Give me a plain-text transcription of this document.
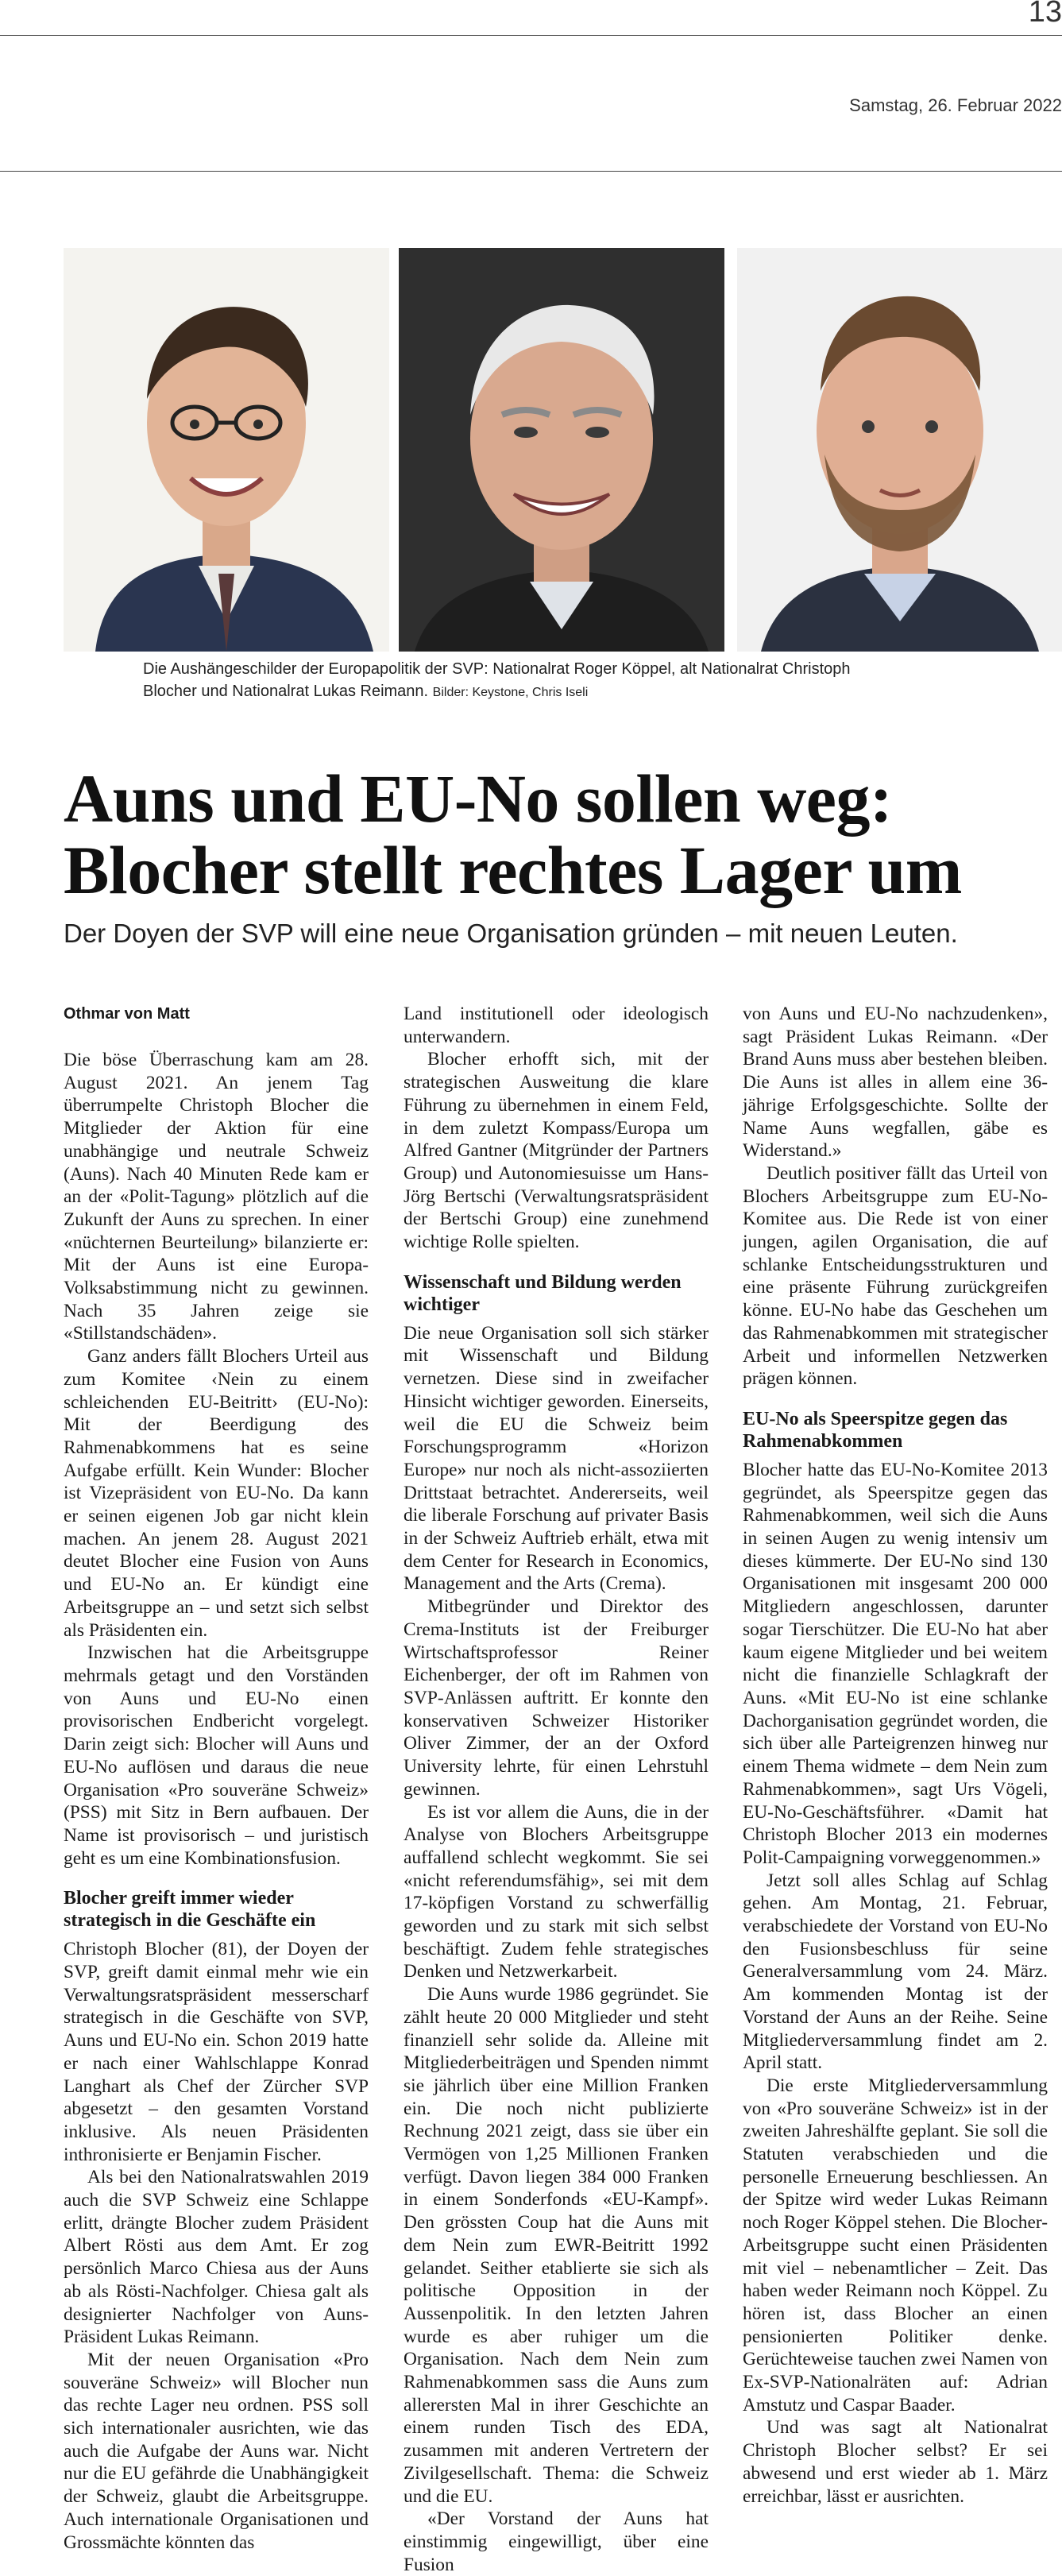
13
Samstag, 26. Februar 2022
Die Aushängeschilder der Europapolitik der SVP: Nationalrat Roger Köppel, alt Nationalrat Christoph Blocher und Nationalrat Lukas Reimann. Bilder: Keystone, Chris Iseli
Auns und EU-No sollen weg:
Blocher stellt rechtes Lager um

Der Doyen der SVP will eine neue Organisation gründen – mit neuen Leuten.

Othmar von Matt

Die böse Überraschung kam am 28. August 2021. An jenem Tag überrumpelte Christoph Blocher die Mitglieder der Aktion für eine unabhängige und neutrale Schweiz (Auns). Nach 40 Minuten Rede kam er an der «Polit-Tagung» plötzlich auf die Zukunft der Auns zu sprechen. In einer «nüchternen Beurteilung» bilanzierte er: Mit der Auns ist eine Europa-Volksabstimmung nicht zu gewinnen. Nach 35 Jahren zeige sie «Stillstandschäden».

Ganz anders fällt Blochers Urteil aus zum Komitee ‹Nein zu einem schleichenden EU-Beitritt› (EU-No): Mit der Beerdigung des Rahmenabkommens hat es seine Aufgabe erfüllt. Kein Wunder: Blocher ist Vizepräsident von EU-No. Da kann er seinen eigenen Job gar nicht klein machen. An jenem 28. August 2021 deutet Blocher eine Fusion von Auns und EU-No an. Er kündigt eine Arbeitsgruppe an – und setzt sich selbst als Präsidenten ein.

Inzwischen hat die Arbeitsgruppe mehrmals getagt und den Vorständen von Auns und EU-No einen provisorischen Endbericht vorgelegt. Darin zeigt sich: Blocher will Auns und EU-No auflösen und daraus die neue Organisation «Pro souveräne Schweiz» (PSS) mit Sitz in Bern aufbauen. Der Name ist provisorisch – und juristisch geht es um eine Kombinationsfusion.

Blocher greift immer wieder strategisch in die Geschäfte ein

Christoph Blocher (81), der Doyen der SVP, greift damit einmal mehr wie ein Verwaltungsratspräsident messerscharf strategisch in die Geschäfte von SVP, Auns und EU-No ein. Schon 2019 hatte er nach einer Wahlschlappe Konrad Langhart als Chef der Zürcher SVP abgesetzt – den gesamten Vorstand inklusive. Als neuen Präsidenten inthronisierte er Benjamin Fischer.

Als bei den Nationalratswahlen 2019 auch die SVP Schweiz eine Schlappe erlitt, drängte Blocher zudem Präsident Albert Rösti aus dem Amt. Er zog persönlich Marco Chiesa aus der Auns ab als Rösti-Nachfolger. Chiesa galt als designierter Nachfolger von Auns-Präsident Lukas Reimann.

Mit der neuen Organisation «Pro souveräne Schweiz» will Blocher nun das rechte Lager neu ordnen. PSS soll sich internationaler ausrichten, wie das auch die Aufgabe der Auns war. Nicht nur die EU gefährde die Unabhängigkeit der Schweiz, glaubt die Arbeitsgruppe. Auch internationale Organisationen und Grossmächte könnten das

Land institutionell oder ideologisch unterwandern.

Blocher erhofft sich, mit der strategischen Ausweitung die klare Führung zu übernehmen in einem Feld, in dem zuletzt Kompass/Europa um Alfred Gantner (Mitgründer der Partners Group) und Autonomiesuisse um Hans-Jörg Bertschi (Verwaltungsratspräsident der Bertschi Group) eine zunehmend wichtige Rolle spielten.

Wissenschaft und Bildung werden wichtiger

Die neue Organisation soll sich stärker mit Wissenschaft und Bildung vernetzen. Diese sind in zweifacher Hinsicht wichtiger geworden. Einerseits, weil die EU die Schweiz beim Forschungsprogramm «Horizon Europe» nur noch als nicht-assoziierten Drittstaat betrachtet. Andererseits, weil die liberale Forschung auf privater Basis in der Schweiz Auftrieb erhält, etwa mit dem Center for Research in Economics, Management and the Arts (Crema).

Mitbegründer und Direktor des Crema-Instituts ist der Freiburger Wirtschaftsprofessor Reiner Eichenberger, der oft im Rahmen von SVP-Anlässen auftritt. Er konnte den konservativen Schweizer Historiker Oliver Zimmer, der an der Oxford University lehrte, für einen Lehrstuhl gewinnen.

Es ist vor allem die Auns, die in der Analyse von Blochers Arbeitsgruppe auffallend schlecht wegkommt. Sie sei «nicht referendumsfähig», sei mit dem 17-köpfigen Vorstand zu schwerfällig geworden und zu stark mit sich selbst beschäftigt. Zudem fehle strategisches Denken und Netzwerkarbeit.

Die Auns wurde 1986 gegründet. Sie zählt heute 20 000 Mitglieder und steht finanziell sehr solide da. Alleine mit Mitgliederbeiträgen und Spenden nimmt sie jährlich über eine Million Franken ein. Die noch nicht publizierte Rechnung 2021 zeigt, dass sie über ein Vermögen von 1,25 Millionen Franken verfügt. Davon liegen 384 000 Franken in einem Sonderfonds «EU-Kampf». Den grössten Coup hat die Auns mit dem Nein zum EWR-Beitritt 1992 gelandet. Seither etablierte sie sich als politische Opposition in der Aussenpolitik. In den letzten Jahren wurde es aber ruhiger um die Organisation. Nach dem Nein zum Rahmenabkommen sass die Auns zum allerersten Mal in ihrer Geschichte an einem runden Tisch des EDA, zusammen mit anderen Vertretern der Zivilgesellschaft. Thema: die Schweiz und die EU.

«Der Vorstand der Auns hat einstimmig eingewilligt, über eine Fusion

von Auns und EU-No nachzudenken», sagt Präsident Lukas Reimann. «Der Brand Auns muss aber bestehen bleiben. Die Auns ist alles in allem eine 36-jährige Erfolgsgeschichte. Sollte der Name Auns wegfallen, gäbe es Widerstand.»

Deutlich positiver fällt das Urteil von Blochers Arbeitsgruppe zum EU-No-Komitee aus. Die Rede ist von einer jungen, agilen Organisation, die auf schlanke Entscheidungsstrukturen und eine präsente Führung zurückgreifen könne. EU-No habe das Geschehen um das Rahmenabkommen mit strategischer Arbeit und informellen Netzwerken prägen können.

EU-No als Speerspitze gegen das Rahmenabkommen

Blocher hatte das EU-No-Komitee 2013 gegründet, als Speerspitze gegen das Rahmenabkommen, weil sich die Auns in seinen Augen zu wenig intensiv um dieses kümmerte. Der EU-No sind 130 Organisationen mit insgesamt 200 000 Mitgliedern angeschlossen, darunter sogar Tierschützer. Die EU-No hat aber kaum eigene Mitglieder und bei weitem nicht die finanzielle Schlagkraft der Auns. «Mit EU-No ist eine schlanke Dachorganisation gegründet worden, die sich über alle Parteigrenzen hinweg nur einem Thema widmete – dem Nein zum Rahmenabkommen», sagt Urs Vögeli, EU-No-Geschäftsführer. «Damit hat Christoph Blocher 2013 ein modernes Polit-Campaigning vorweggenommen.»

Jetzt soll alles Schlag auf Schlag gehen. Am Montag, 21. Februar, verabschiedete der Vorstand von EU-No den Fusionsbeschluss für seine Generalversammlung vom 24. März. Am kommenden Montag ist der Vorstand der Auns an der Reihe. Seine Mitgliederversammlung findet am 2. April statt.

Die erste Mitgliederversammlung von «Pro souveräne Schweiz» ist in der zweiten Jahreshälfte geplant. Sie soll die Statuten verabschieden und die personelle Erneuerung beschliessen. An der Spitze wird weder Lukas Reimann noch Roger Köppel stehen. Die Blocher-Arbeitsgruppe sucht einen Präsidenten mit viel – nebenamtlicher – Zeit. Das haben weder Reimann noch Köppel. Zu hören ist, dass Blocher an einen pensionierten Politiker denke. Gerüchteweise tauchen zwei Namen von Ex-SVP-Nationalräten auf: Adrian Amstutz und Caspar Baader.

Und was sagt alt Nationalrat Christoph Blocher selbst? Er sei abwesend und erst wieder ab 1. März erreichbar, lässt er ausrichten.
